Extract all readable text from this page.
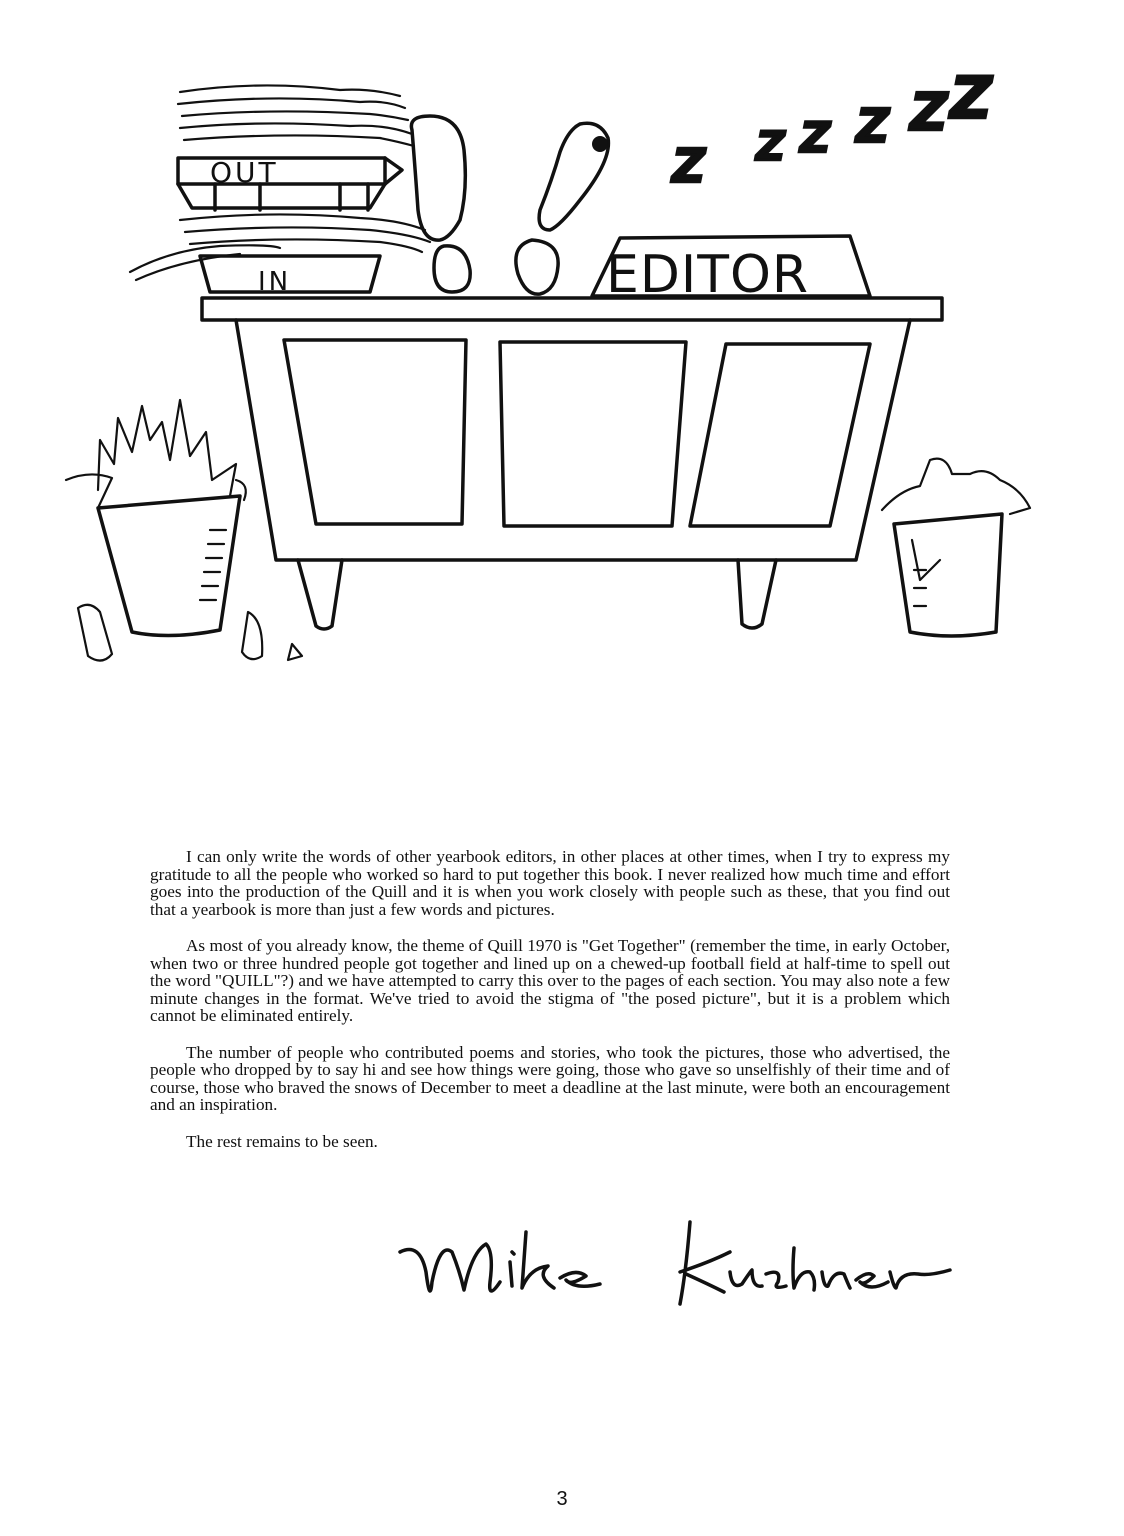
OUT
IN
Z Z Z Z Z Z
EDITOR

I can only write the words of other yearbook editors, in other places at other times, when I try to express my gratitude to all the people who worked so hard to put together this book. I never realized how much time and effort goes into the production of the Quill and it is when you work closely with people such as these, that you find out that a yearbook is more than just a few words and pictures.

As most of you already know, the theme of Quill 1970 is "Get Together" (remember the time, in early October, when two or three hundred people got together and lined up on a chewed-up football field at half-time to spell out the word "QUILL"?) and we have attempted to carry this over to the pages of each section. You may also note a few minute changes in the format. We've tried to avoid the stigma of "the posed picture", but it is a problem which cannot be eliminated entirely.

The number of people who contributed poems and stories, who took the pictures, those who advertised, the people who dropped by to say hi and see how things were going, those who gave so unselfishly of their time and of course, those who braved the snows of December to meet a deadline at the last minute, were both an encouragement and an inspiration.

The rest remains to be seen.

3
